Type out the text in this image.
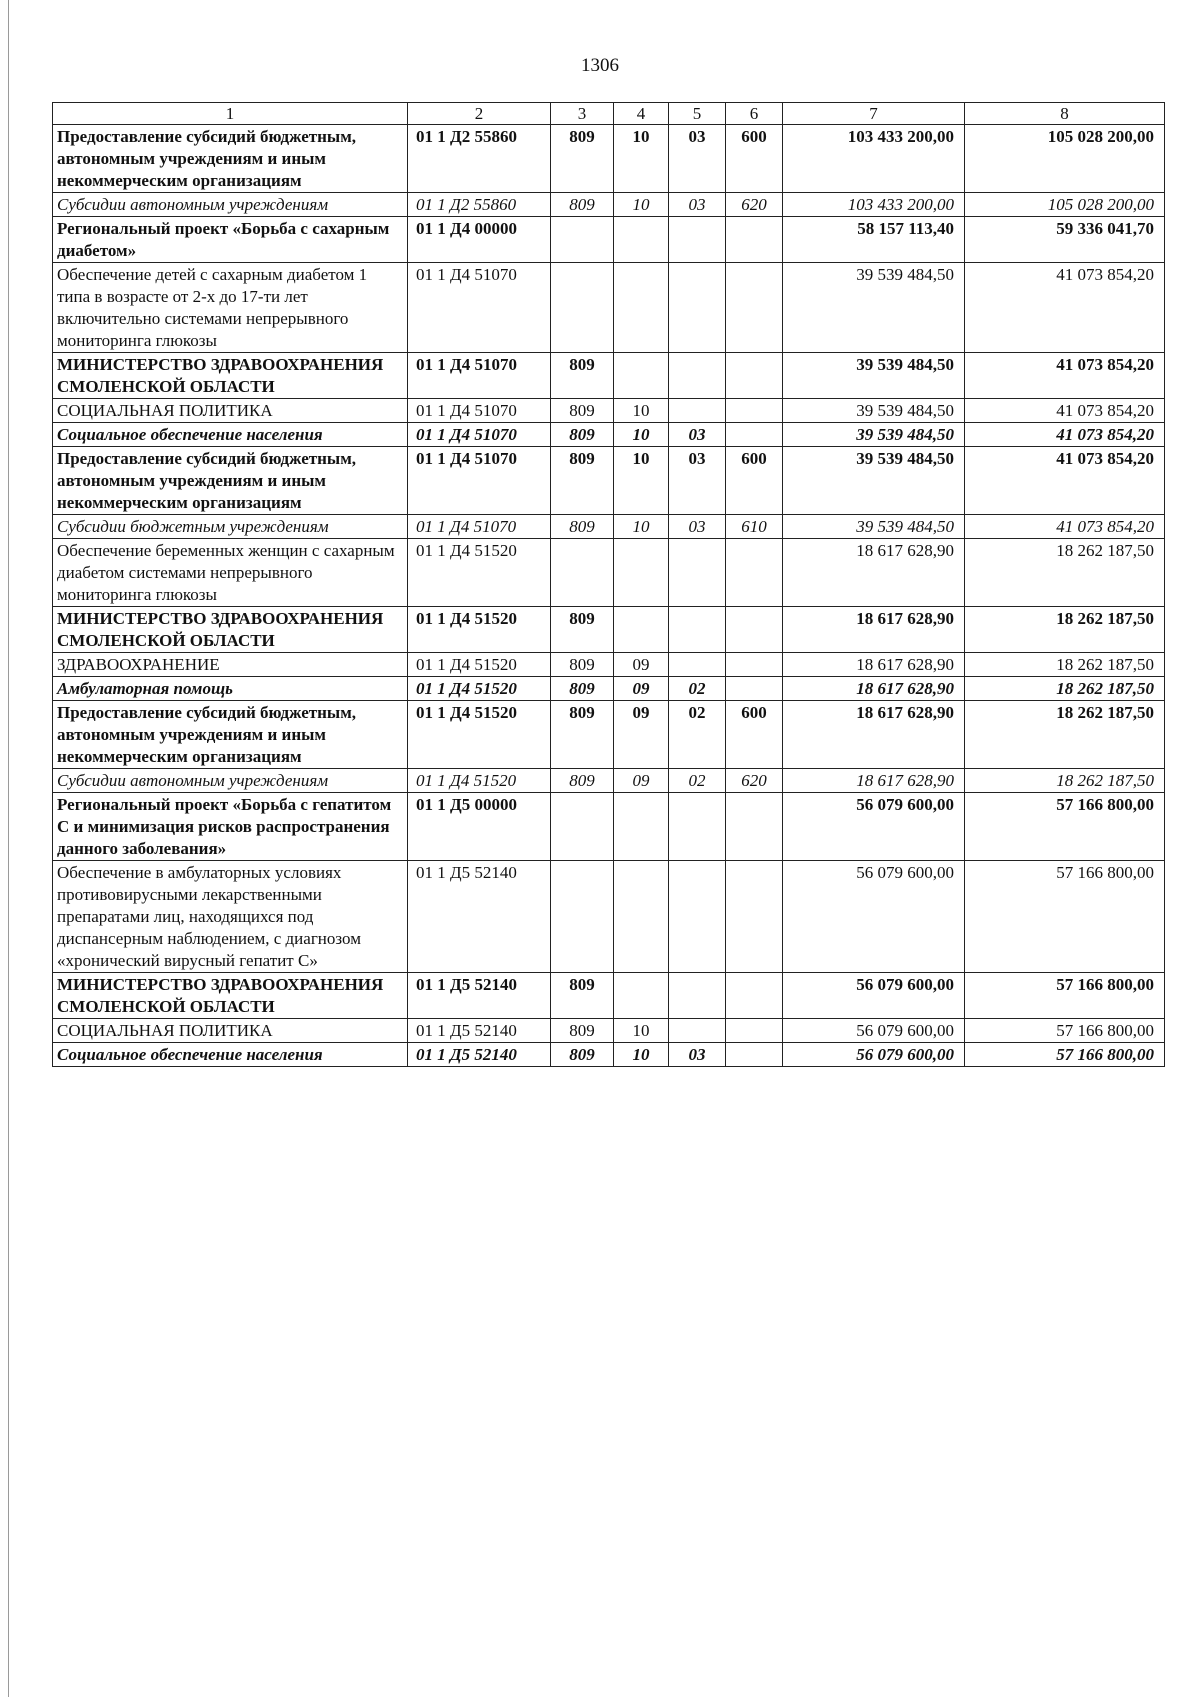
1306
1	2	3	4	5	6	7	8
Предоставление субсидий бюджетным, автономным учреждениям и иным некоммерческим организациям	01 1 Д2 55860	809	10	03	600	103 433 200,00	105 028 200,00
Субсидии автономным учреждениям	01 1 Д2 55860	809	10	03	620	103 433 200,00	105 028 200,00
Региональный проект «Борьба с сахарным диабетом»	01 1 Д4 00000					58 157 113,40	59 336 041,70
Обеспечение детей с сахарным диабетом 1 типа в возрасте от 2-х до 17-ти лет включительно системами непрерывного мониторинга глюкозы	01 1 Д4 51070					39 539 484,50	41 073 854,20
МИНИСТЕРСТВО ЗДРАВООХРАНЕНИЯ СМОЛЕНСКОЙ ОБЛАСТИ	01 1 Д4 51070	809				39 539 484,50	41 073 854,20
СОЦИАЛЬНАЯ ПОЛИТИКА	01 1 Д4 51070	809	10			39 539 484,50	41 073 854,20
Социальное обеспечение населения	01 1 Д4 51070	809	10	03		39 539 484,50	41 073 854,20
Предоставление субсидий бюджетным, автономным учреждениям и иным некоммерческим организациям	01 1 Д4 51070	809	10	03	600	39 539 484,50	41 073 854,20
Субсидии бюджетным учреждениям	01 1 Д4 51070	809	10	03	610	39 539 484,50	41 073 854,20
Обеспечение беременных женщин с сахарным диабетом системами непрерывного мониторинга глюкозы	01 1 Д4 51520					18 617 628,90	18 262 187,50
МИНИСТЕРСТВО ЗДРАВООХРАНЕНИЯ СМОЛЕНСКОЙ ОБЛАСТИ	01 1 Д4 51520	809				18 617 628,90	18 262 187,50
ЗДРАВООХРАНЕНИЕ	01 1 Д4 51520	809	09			18 617 628,90	18 262 187,50
Амбулаторная помощь	01 1 Д4 51520	809	09	02		18 617 628,90	18 262 187,50
Предоставление субсидий бюджетным, автономным учреждениям и иным некоммерческим организациям	01 1 Д4 51520	809	09	02	600	18 617 628,90	18 262 187,50
Субсидии автономным учреждениям	01 1 Д4 51520	809	09	02	620	18 617 628,90	18 262 187,50
Региональный проект «Борьба с гепатитом С и минимизация рисков распространения данного заболевания»	01 1 Д5 00000					56 079 600,00	57 166 800,00
Обеспечение в амбулаторных условиях противовирусными лекарственными препаратами лиц, находящихся под диспансерным наблюдением, с диагнозом «хронический вирусный гепатит С»	01 1 Д5 52140					56 079 600,00	57 166 800,00
МИНИСТЕРСТВО ЗДРАВООХРАНЕНИЯ СМОЛЕНСКОЙ ОБЛАСТИ	01 1 Д5 52140	809				56 079 600,00	57 166 800,00
СОЦИАЛЬНАЯ ПОЛИТИКА	01 1 Д5 52140	809	10			56 079 600,00	57 166 800,00
Социальное обеспечение населения	01 1 Д5 52140	809	10	03		56 079 600,00	57 166 800,00
